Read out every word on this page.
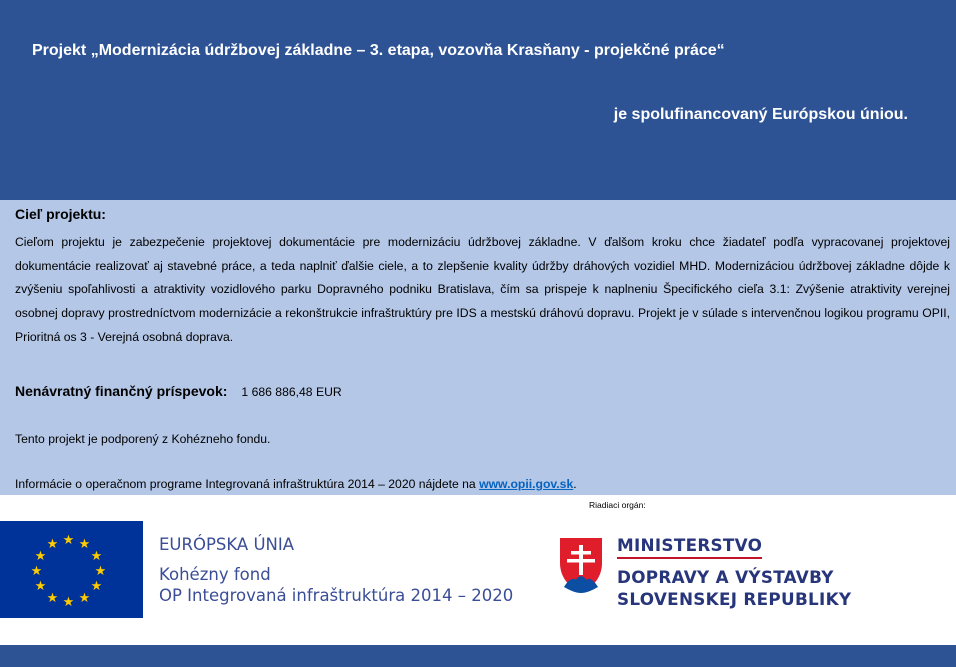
Projekt „Modernizácia údržbovej základne – 3. etapa, vozovňa Krasňany - projekčné práce“
je spolufinancovaný Európskou úniou.
Cieľ projektu:
Cieľom projektu je zabezpečenie projektovej dokumentácie pre modernizáciu údržbovej základne. V ďalšom kroku chce žiadateľ podľa vypracovanej projektovej dokumentácie realizovať aj stavebné práce, a teda naplniť ďalšie ciele, a to zlepšenie kvality údržby dráhových vozidiel MHD. Modernizáciou údržbovej základne dôjde k zvýšeniu spoľahlivosti a atraktivity vozidlového parku Dopravného podniku Bratislava, čím sa prispeje k naplneniu Špecifického cieľa 3.1: Zvýšenie atraktivity verejnej osobnej dopravy prostredníctvom modernizácie a rekonštrukcie infraštruktúry pre IDS a mestskú dráhovú dopravu. Projekt je v súlade s intervenčnou logikou programu OPII, Prioritná os 3 - Verejná osobná doprava.
Nenávratný finančný príspevok: 1 686 886,48 EUR
Tento projekt je podporený z Kohézneho fondu.
Informácie o operačnom programe Integrovaná infraštruktúra 2014 – 2020 nájdete na www.opii.gov.sk.
Riadiaci orgán:
★ ★
★
★
★
★
★
★
★
★
★
★	EURÓPSKA ÚNIA
Kohézny fond
OP Integrovaná infraštruktúra 2014 – 2020
MINISTERSTVO
DOPRAVY A VÝSTAVBY
SLOVENSKEJ REPUBLIKY
